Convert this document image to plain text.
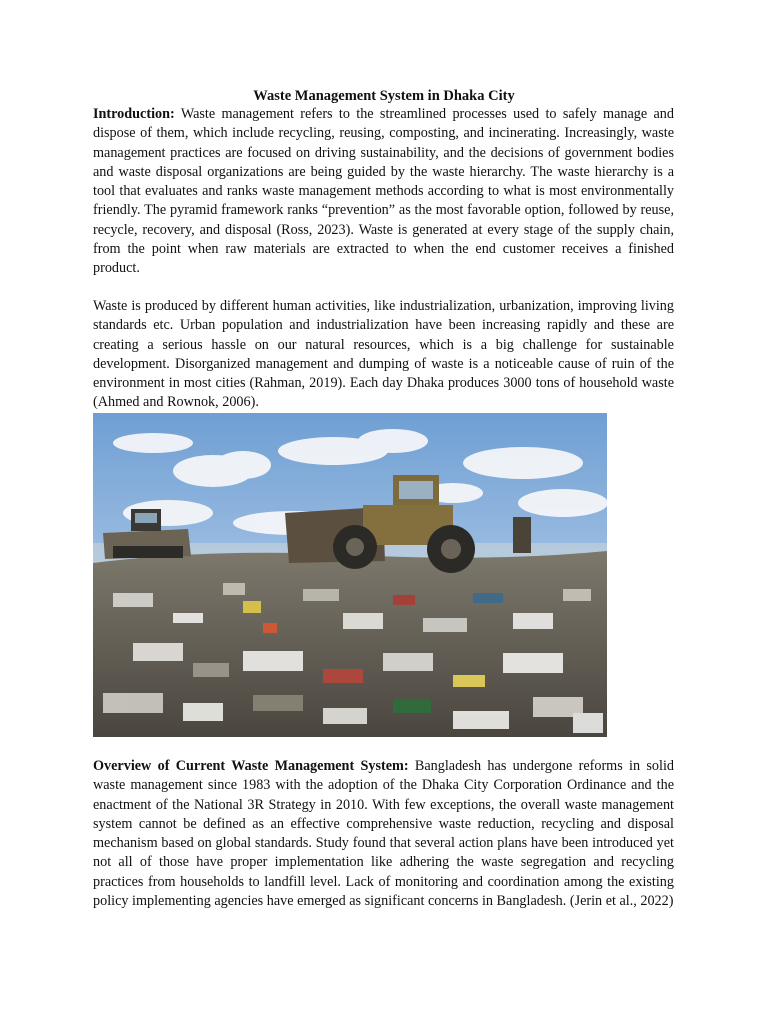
Waste Management System in Dhaka City

Introduction: Waste management refers to the streamlined processes used to safely manage and dispose of them, which include recycling, reusing, composting, and incinerating. Increasingly, waste management practices are focused on driving sustainability, and the decisions of government bodies and waste disposal organizations are being guided by the waste hierarchy. The waste hierarchy is a tool that evaluates and ranks waste management methods according to what is most environmentally friendly. The pyramid framework ranks “prevention” as the most favorable option, followed by reuse, recycle, recovery, and disposal (Ross, 2023). Waste is generated at every stage of the supply chain, from the point when raw materials are extracted to when the end customer receives a finished product.

Waste is produced by different human activities, like industrialization, urbanization, improving living standards etc. Urban population and industrialization have been increasing rapidly and these are creating a serious hassle on our natural resources, which is a big challenge for sustainable development. Disorganized management and dumping of waste is a noticeable cause of ruin of the environment in most cities (Rahman, 2019). Each day Dhaka produces 3000 tons of household waste (Ahmed and Rownok, 2006).

Overview of Current Waste Management System: Bangladesh has undergone reforms in solid waste management since 1983 with the adoption of the Dhaka City Corporation Ordinance and the enactment of the National 3R Strategy in 2010. With few exceptions, the overall waste management system cannot be defined as an effective comprehensive waste reduction, recycling and disposal mechanism based on global standards. Study found that several action plans have been introduced yet not all of those have proper implementation like adhering the waste segregation and recycling practices from households to landfill level. Lack of monitoring and coordination among the existing policy implementing agencies have emerged as significant concerns in Bangladesh. (Jerin et al., 2022)
